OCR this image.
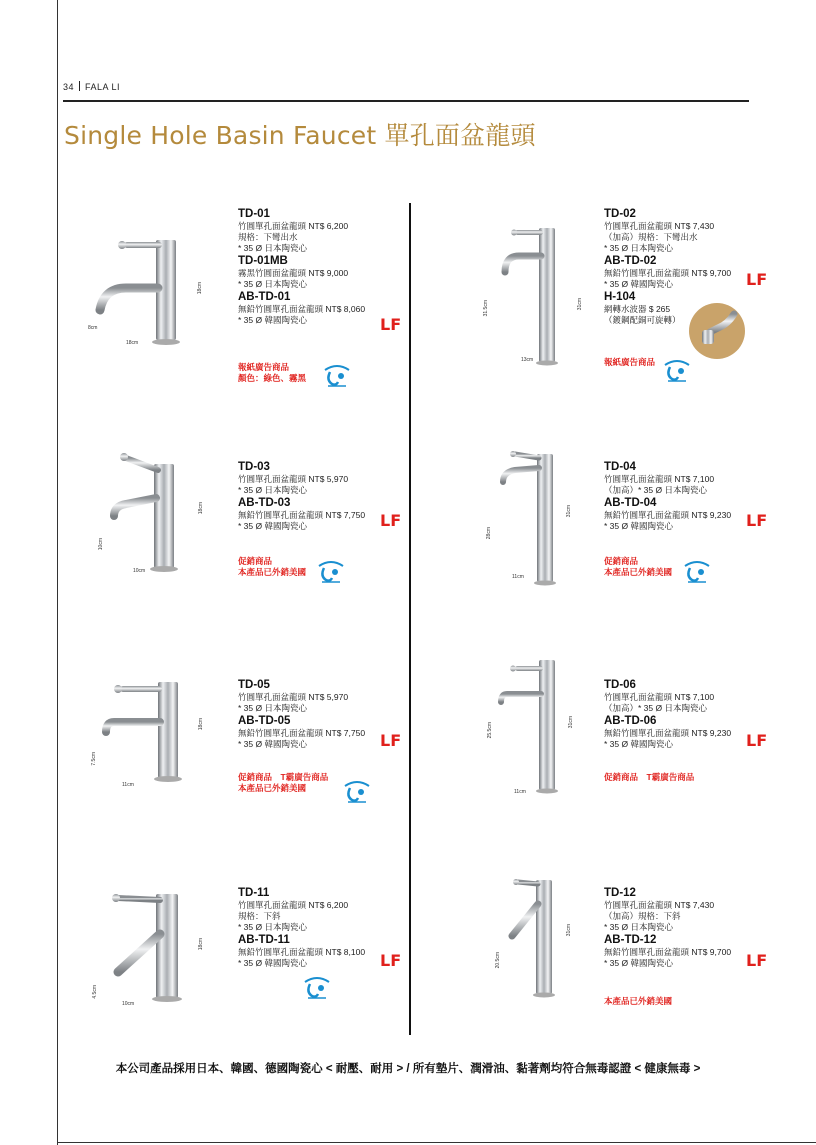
34 FALA LI
Single Hole Basin Faucet 單孔面盆龍頭
18cm
18cm
8cm
TD-01
竹圓單孔面盆龍頭 NT$ 6,200
規格：下彎出水
* 35 Ø 日本陶瓷心
TD-01MB
霧黑竹圓面盆龍頭 NT$ 9,000
* 35 Ø 日本陶瓷心
AB-TD-01
無鉛竹圓單孔面盆龍頭 NT$ 8,060
* 35 Ø 韓國陶瓷心	LF
報紙廣告商品
顏色：綠色、霧黑
31cm
31.5cm
13cm
TD-02
竹圓單孔面盆龍頭 NT$ 7,430
（加高）規格：下彎出水
* 35 Ø 日本陶瓷心
AB-TD-02
無鉛竹圓單孔面盆龍頭 NT$ 9,700
* 35 Ø 韓國陶瓷心
H-104
網轉水波器 $ 265
（鍍鋼配銅可旋轉）
LF
報紙廣告商品
18cm
10cm
10cm
TD-03
竹圓單孔面盆龍頭 NT$ 5,970
* 35 Ø 日本陶瓷心
AB-TD-03
無鉛竹圓單孔面盆龍頭 NT$ 7,750
* 35 Ø 韓國陶瓷心	LF
促銷商品
本產品已外銷美國
31cm
28cm
11cm
TD-04
竹圓單孔面盆龍頭 NT$ 7,100
（加高）* 35 Ø 日本陶瓷心
AB-TD-04
無鉛竹圓單孔面盆龍頭 NT$ 9,230
* 35 Ø 韓國陶瓷心	LF
促銷商品
本產品已外銷美國
18cm
7.5cm
11cm
TD-05
竹圓單孔面盆龍頭 NT$ 5,970
* 35 Ø 日本陶瓷心
AB-TD-05
無鉛竹圓單孔面盆龍頭 NT$ 7,750
* 35 Ø 韓國陶瓷心	LF
促銷商品　T霸廣告商品
本產品已外銷美國
31cm
25.5cm
11cm
TD-06
竹圓單孔面盆龍頭 NT$ 7,100
（加高）* 35 Ø 日本陶瓷心
AB-TD-06
無鉛竹圓單孔面盆龍頭 NT$ 9,230
* 35 Ø 韓國陶瓷心	LF
促銷商品　T霸廣告商品
18cm
4.5cm
10cm
TD-11
竹圓單孔面盆龍頭 NT$ 6,200
規格：下斜
* 35 Ø 日本陶瓷心
AB-TD-11
無鉛竹圓單孔面盆龍頭 NT$ 8,100
* 35 Ø 韓國陶瓷心	LF
31cm
20.5cm
TD-12
竹圓單孔面盆龍頭 NT$ 7,430
（加高）規格：下斜
* 35 Ø 日本陶瓷心
AB-TD-12
無鉛竹圓單孔面盆龍頭 NT$ 9,700
* 35 Ø 韓國陶瓷心	LF
本產品已外銷美國
本公司產品採用日本、韓國、德國陶瓷心 < 耐壓、耐用 > / 所有墊片、潤滑油、黏著劑均符合無毒認證 < 健康無毒 >
